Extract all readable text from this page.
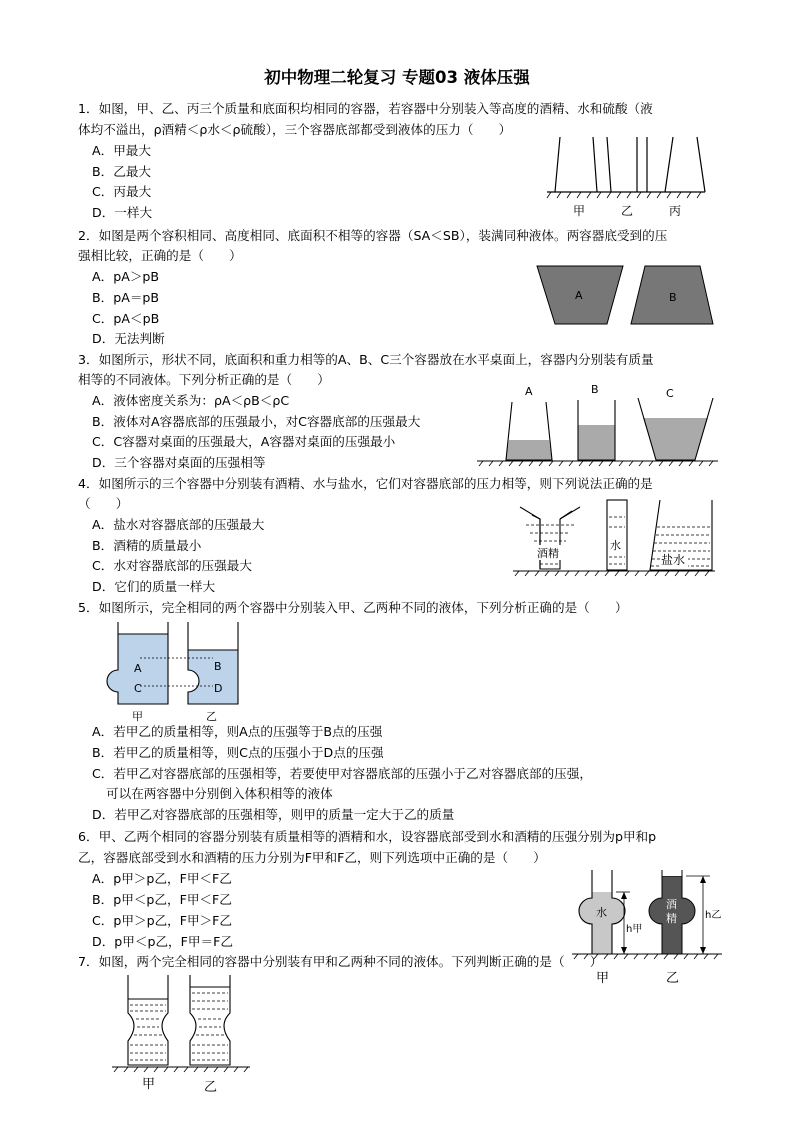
初中物理二轮复习 专题03 液体压强
1．如图，甲、乙、丙三个质量和底面积均相同的容器，若容器中分别装入等高度的酒精、水和硫酸（液
体均不溢出，ρ酒精＜ρ水＜ρ硫酸），三个容器底部都受到液体的压力（　　）
A．甲最大
B．乙最大
C．丙最大
D．一样大	甲	乙	丙
2．如图是两个容积相同、高度相同、底面积不相等的容器（SA＜SB），装满同种液体。两容器底受到的压
强相比较，正确的是（　　）
A．pA＞pB
B．pA＝pB
C．pA＜pB
D．无法判断
A	B
3．如图所示，形状不同，底面积和重力相等的A、B、C三个容器放在水平桌面上，容器内分别装有质量
相等的不同液体。下列分析正确的是（　　）
A．液体密度关系为：ρA＜ρB＜ρC
B．液体对A容器底部的压强最小，对C容器底部的压强最大
C．C容器对桌面的压强最大，A容器对桌面的压强最小
D．三个容器对桌面的压强相等
A	B	C
4．如图所示的三个容器中分别装有酒精、水与盐水，它们对容器底部的压力相等，则下列说法正确的是
（　　）
A．盐水对容器底部的压强最大
B．酒精的质量最小
C．水对容器底部的压强最大
D．它们的质量一样大
酒精
水
盐水
5．如图所示，完全相同的两个容器中分别装入甲、乙两种不同的液体，下列分析正确的是（　　）
A	B
C	D
甲	乙
A．若甲乙的质量相等，则A点的压强等于B点的压强
B．若甲乙的质量相等，则C点的压强小于D点的压强
C．若甲乙对容器底部的压强相等，若要使甲对容器底部的压强小于乙对容器底部的压强，
可以在两容器中分别倒入体积相等的液体
D．若甲乙对容器底部的压强相等，则甲的质量一定大于乙的质量
6．甲、乙两个相同的容器分别装有质量相等的酒精和水，设容器底部受到水和酒精的压强分别为p甲和p
乙，容器底部受到水和酒精的压力分别为F甲和F乙，则下列选项中正确的是（　　）
A．p甲＞p乙，F甲＜F乙
B．p甲＜p乙，F甲＜F乙
C．p甲＞p乙，F甲＞F乙
D．p甲＜p乙，F甲＝F乙
水
酒
精
h甲
h乙
甲	乙
7．如图，两个完全相同的容器中分别装有甲和乙两种不同的液体。下列判断正确的是（　　）
甲	乙
